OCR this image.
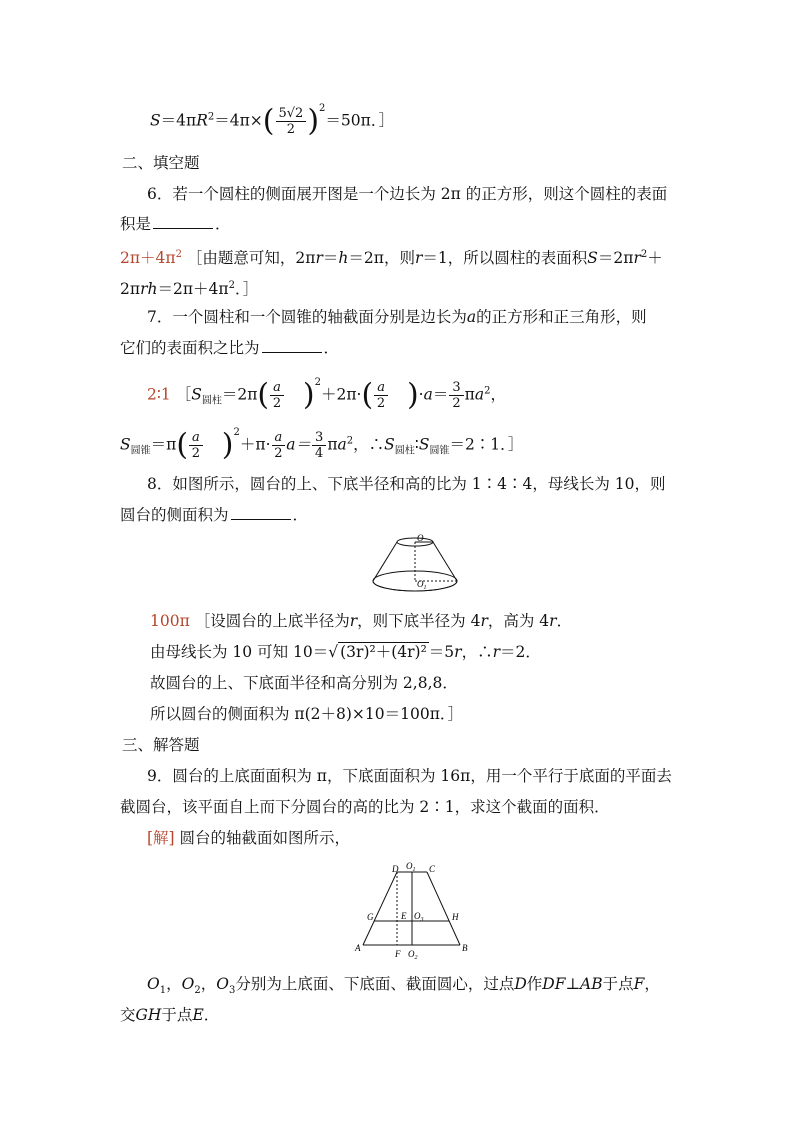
$S=4\pi R^2=4\pi\times( \frac{5√2}{2} )^2=50\pi$．］
二、填空题
6．若一个圆柱的侧面展开图是一个边长为 2π 的正方形，则这个圆柱的表面
积是	．
$2\pi+4\pi^2$ ［由题意可知，2πr＝h＝2π，则r＝1，所以圆柱的表面积$S=2\pi r^2+$
$2\pi rh=2\pi+4\pi^2$．］
7．一个圆柱和一个圆锥的轴截面分别是边长为a的正方形和正三角形，则
它们的表面积之比为	．
2∶1 $[S_{圆柱}=2\pi( \frac{a}{2} )^2+2\pi\cdot( \frac{a}{2} )\cdot a= \frac{3}{2} \pi a^2$，
$S_{圆锥}=\pi( \frac{a}{2} )^2+\pi\cdot \frac{a}{2} a= \frac{3}{4} \pi a^2$，$\therefore S_{圆柱}∶S_{圆锥}=2∶1$．］
8．如图所示，圆台的上、下底半径和高的比为 1∶4∶4，母线长为 10，则
圆台的侧面积为	．
O
$O_1$
100π ［设圆台的上底半径为r，则下底半径为 4r，高为 4r．
由母线长为 10 可知 10＝√ (3r)²＋(4r)² ＝5r，∴r＝2．
故圆台的上、下底面半径和高分别为 2,8,8．
所以圆台的侧面积为 π(2＋8)×10＝100π．］
三、解答题
9．圆台的上底面面积为 π，下底面面积为 16π，用一个平行于底面的平面去
截圆台，该平面自上而下分圆台的高的比为 2∶1，求这个截面的面积．
[解] 圆台的轴截面如图所示，
D $O_1$ C
G	E $O_3$	H
A
F $O_2$
B
$O_1$，$O_2$，$O_3$分别为上底面、下底面、截面圆心，过点D作DF⊥AB于点F，
交GH于点E．
